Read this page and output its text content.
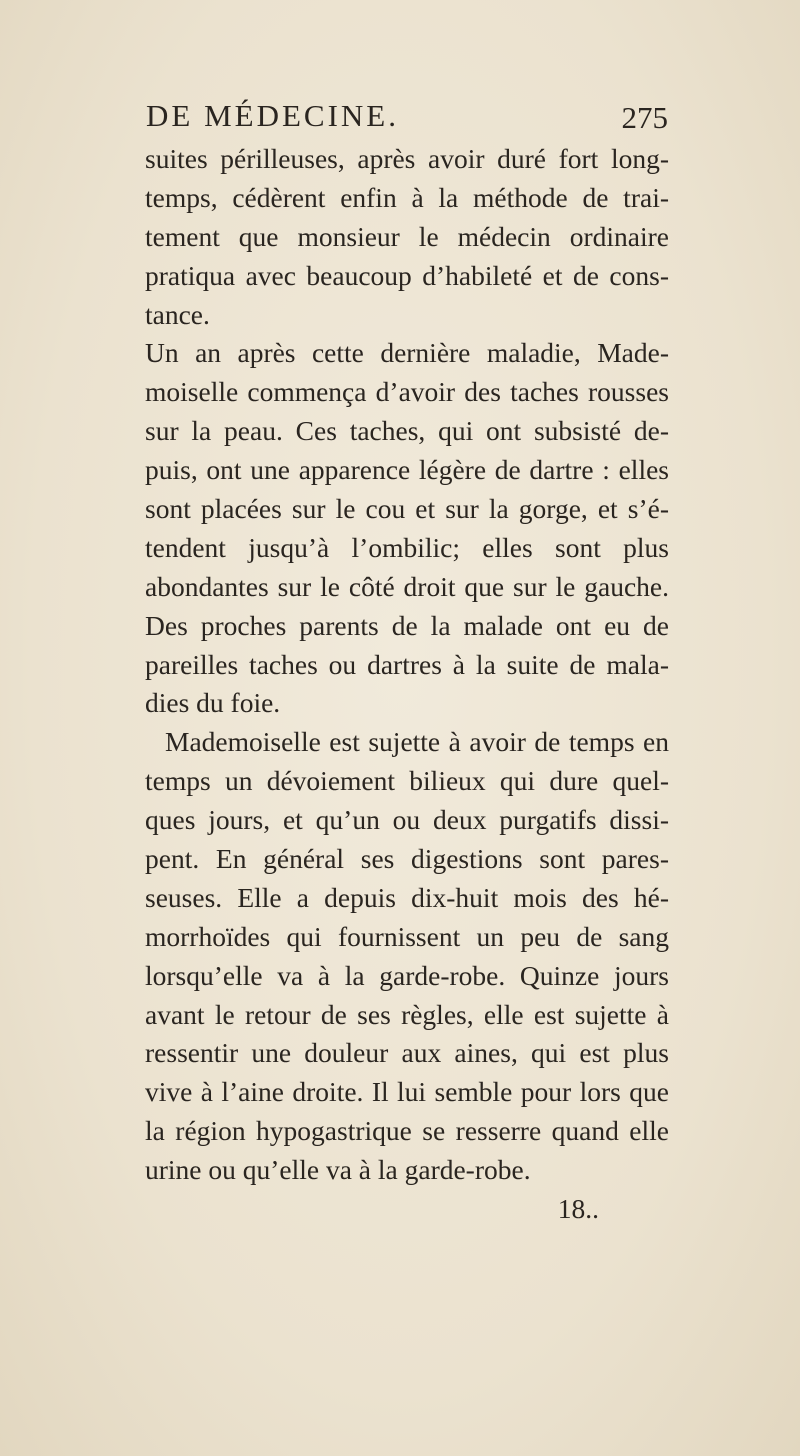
DE MÉDECINE.	275
suites périlleuses, après avoir duré fort long-
temps, cédèrent enfin à la méthode de trai-
tement que monsieur le médecin ordinaire
pratiqua avec beaucoup d’habileté et de cons-
tance.
Un an après cette dernière maladie, Made-
moiselle commença d’avoir des taches rousses
sur la peau. Ces taches, qui ont subsisté de-
puis, ont une apparence légère de dartre : elles
sont placées sur le cou et sur la gorge, et s’é-
tendent jusqu’à l’ombilic; elles sont plus
abondantes sur le côté droit que sur le gauche.
Des proches parents de la malade ont eu de
pareilles taches ou dartres à la suite de mala-
dies du foie.
Mademoiselle est sujette à avoir de temps en
temps un dévoiement bilieux qui dure quel-
ques jours, et qu’un ou deux purgatifs dissi-
pent. En général ses digestions sont pares-
seuses. Elle a depuis dix-huit mois des hé-
morrhoïdes qui fournissent un peu de sang
lorsqu’elle va à la garde-robe. Quinze jours
avant le retour de ses règles, elle est sujette à
ressentir une douleur aux aines, qui est plus
vive à l’aine droite. Il lui semble pour lors que
la région hypogastrique se resserre quand elle
urine ou qu’elle va à la garde-robe.
18..
